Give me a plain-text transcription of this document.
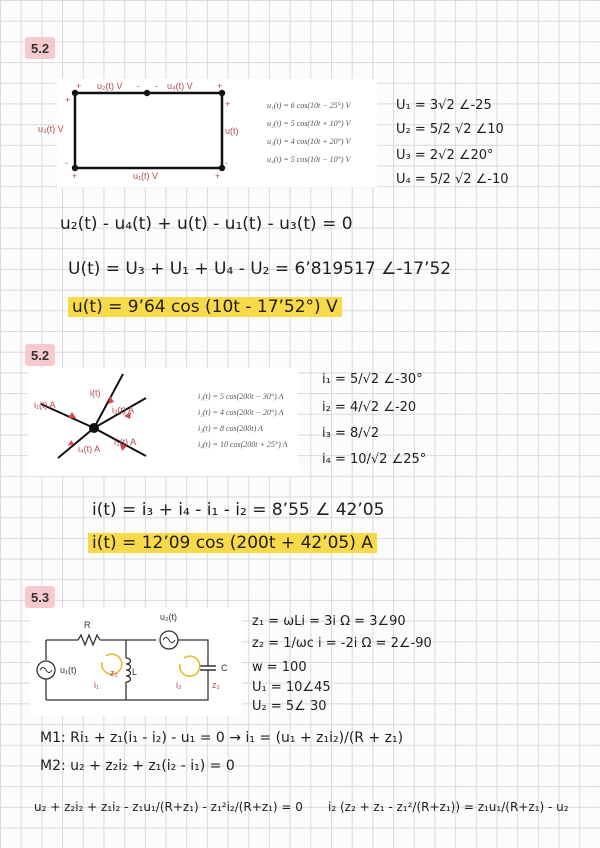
5.2
u₂(t) V	u₄(t) V
u₃(t) V	u(t)
u₁(t) V
+	- -	+
+
-
+
-
+	+
u₁(t) = 6 cos(10t − 25°) V
u₂(t) = 5 cos(10t + 10°) V
u₃(t) = 4 cos(10t + 20°) V
u₄(t) = 5 cos(10t − 10°) V
U₁ = 3√2 ∠-25
U₂ = 5/2 √2 ∠10
U₃ = 2√2 ∠20°
U₄ = 5/2 √2 ∠-10
u₂(t) - u₄(t) + u(t) - u₁(t) - u₃(t) = 0
U(t) = U₃ + U₁ + U₄ - U₂ = 6’819517 ∠-17’52
u(t) = 9’64 cos (10t - 17’52°) V
5.2
i₁(t) A	i₂(t) A
i(t)
i₃(t) A
i₄(t) A
i₁(t) = 5 cos(200t − 30°) A
i₂(t) = 4 cos(200t − 20°) A
i₃(t) = 8 cos(200t) A
i₄(t) = 10 cos(200t + 25°) A
i₁ = 5/√2 ∠-30°
i₂ = 4/√2 ∠-20
i₃ = 8/√2
i₄ = 10/√2 ∠25°
i(t) = i₃ + i₄ - i₁ - i₂ = 8’55 ∠ 42’05
i(t) = 12’09 cos (200t + 42’05) A
5.3
R
u₂(t)
u₁(t)	L	C
i₁	i₂
z₁
z₂
z₁ = ωLi = 3i Ω = 3∠90
z₂ = 1/ωc i = -2i Ω = 2∠-90
w = 100
U₁ = 10∠45
U₂ = 5∠ 30
M1: Ri₁ + z₁(i₁ - i₂) - u₁ = 0 → i₁ = (u₁ + z₁i₂)/(R + z₁)
M2: u₂ + z₂i₂ + z₁(i₂ - i₁) = 0
u₂ + z₂i₂ + z₁i₂ - z₁u₁/(R+z₁) - z₁²i₂/(R+z₁) = 0 i₂ (z₂ + z₁ - z₁²/(R+z₁)) = z₁u₁/(R+z₁) - u₂
